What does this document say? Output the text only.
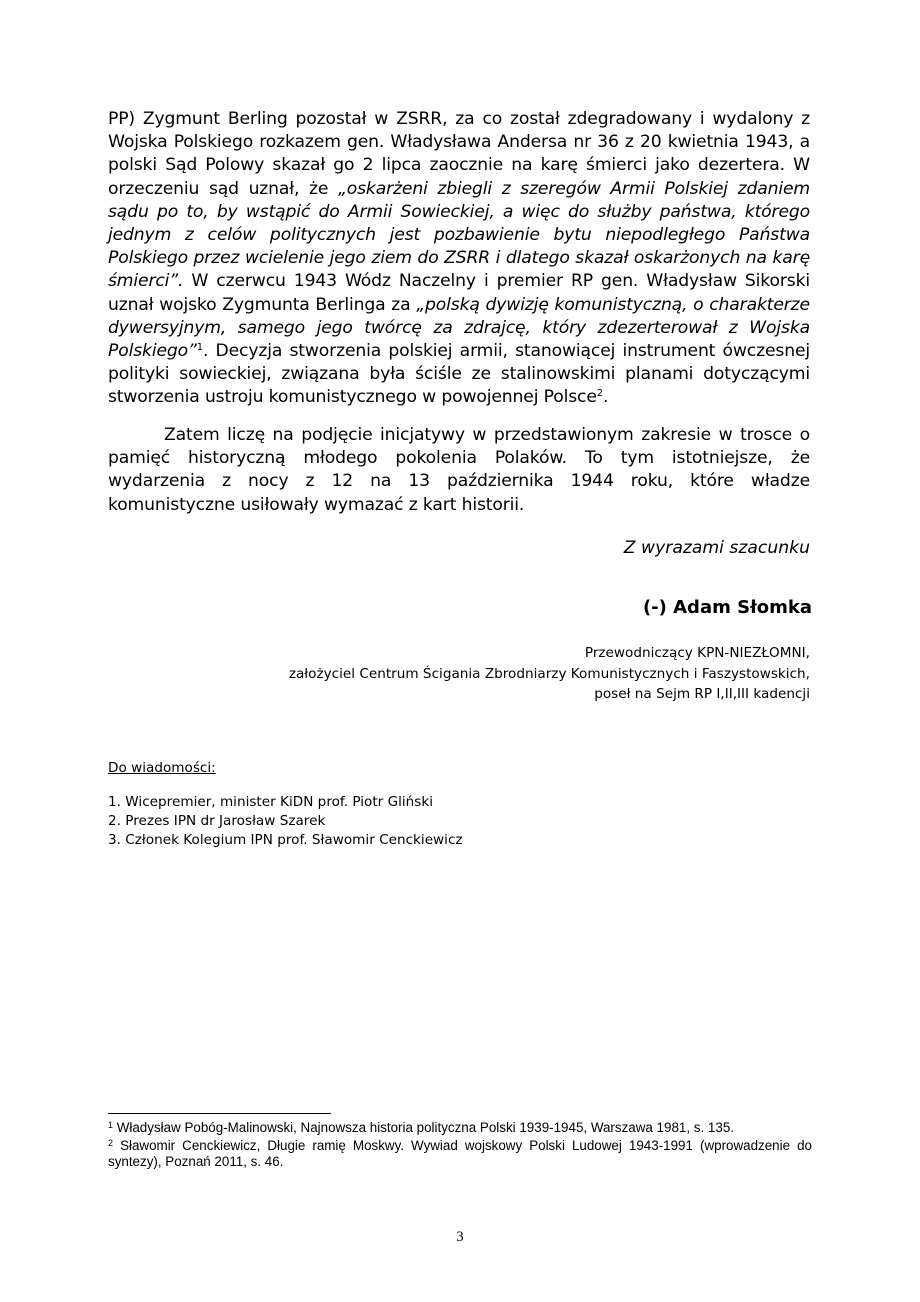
PP) Zygmunt Berling pozostał w ZSRR, za co został zdegradowany i wydalony z Wojska Polskiego rozkazem gen. Władysława Andersa nr 36 z 20 kwietnia 1943, a polski Sąd Polowy skazał go 2 lipca zaocznie na karę śmierci jako dezertera. W orzeczeniu sąd uznał, że „oskarżeni zbiegli z szeregów Armii Polskiej zdaniem sądu po to, by wstąpić do Armii Sowieckiej, a więc do służby państwa, którego jednym z celów politycznych jest pozbawienie bytu niepodległego Państwa Polskiego przez wcielenie jego ziem do ZSRR i dlatego skazał oskarżonych na karę śmierci”. W czerwcu 1943 Wódz Naczelny i premier RP gen. Władysław Sikorski uznał wojsko Zygmunta Berlinga za „polską dywizję komunistyczną, o charakterze dywersyjnym, samego jego twórcę za zdrajcę, który zdezerterował z Wojska Polskiego”$^1$. Decyzja stworzenia polskiej armii, stanowiącej instrument ówczesnej polityki sowieckiej, związana była ściśle ze stalinowskimi planami dotyczącymi stworzenia ustroju komunistycznego w powojennej Polsce$^2$.

Zatem liczę na podjęcie inicjatywy w przedstawionym zakresie w trosce o pamięć historyczną młodego pokolenia Polaków. To tym istotniejsze, że wydarzenia z nocy z 12 na 13 października 1944 roku, które władze komunistyczne usiłowały wymazać z kart historii.

Z wyrazami szacunku
(-) Adam Słomka
Przewodniczący KPN-NIEZŁOMNI,
założyciel Centrum Ścigania Zbrodniarzy Komunistycznych i Faszystowskich,
poseł na Sejm RP I,II,III kadencji
Do wiadomości:
1. Wicepremier, minister KiDN prof. Piotr Gliński
2. Prezes IPN dr Jarosław Szarek
3. Członek Kolegium IPN prof. Sławomir Cenckiewicz
$^1$ Władysław Pobóg-Malinowski, Najnowsza historia polityczna Polski 1939-1945, Warszawa 1981, s. 135.
$^2$ Sławomir Cenckiewicz, Długie ramię Moskwy. Wywiad wojskowy Polski Ludowej 1943-1991 (wprowadzenie do syntezy), Poznań 2011, s. 46.
3
